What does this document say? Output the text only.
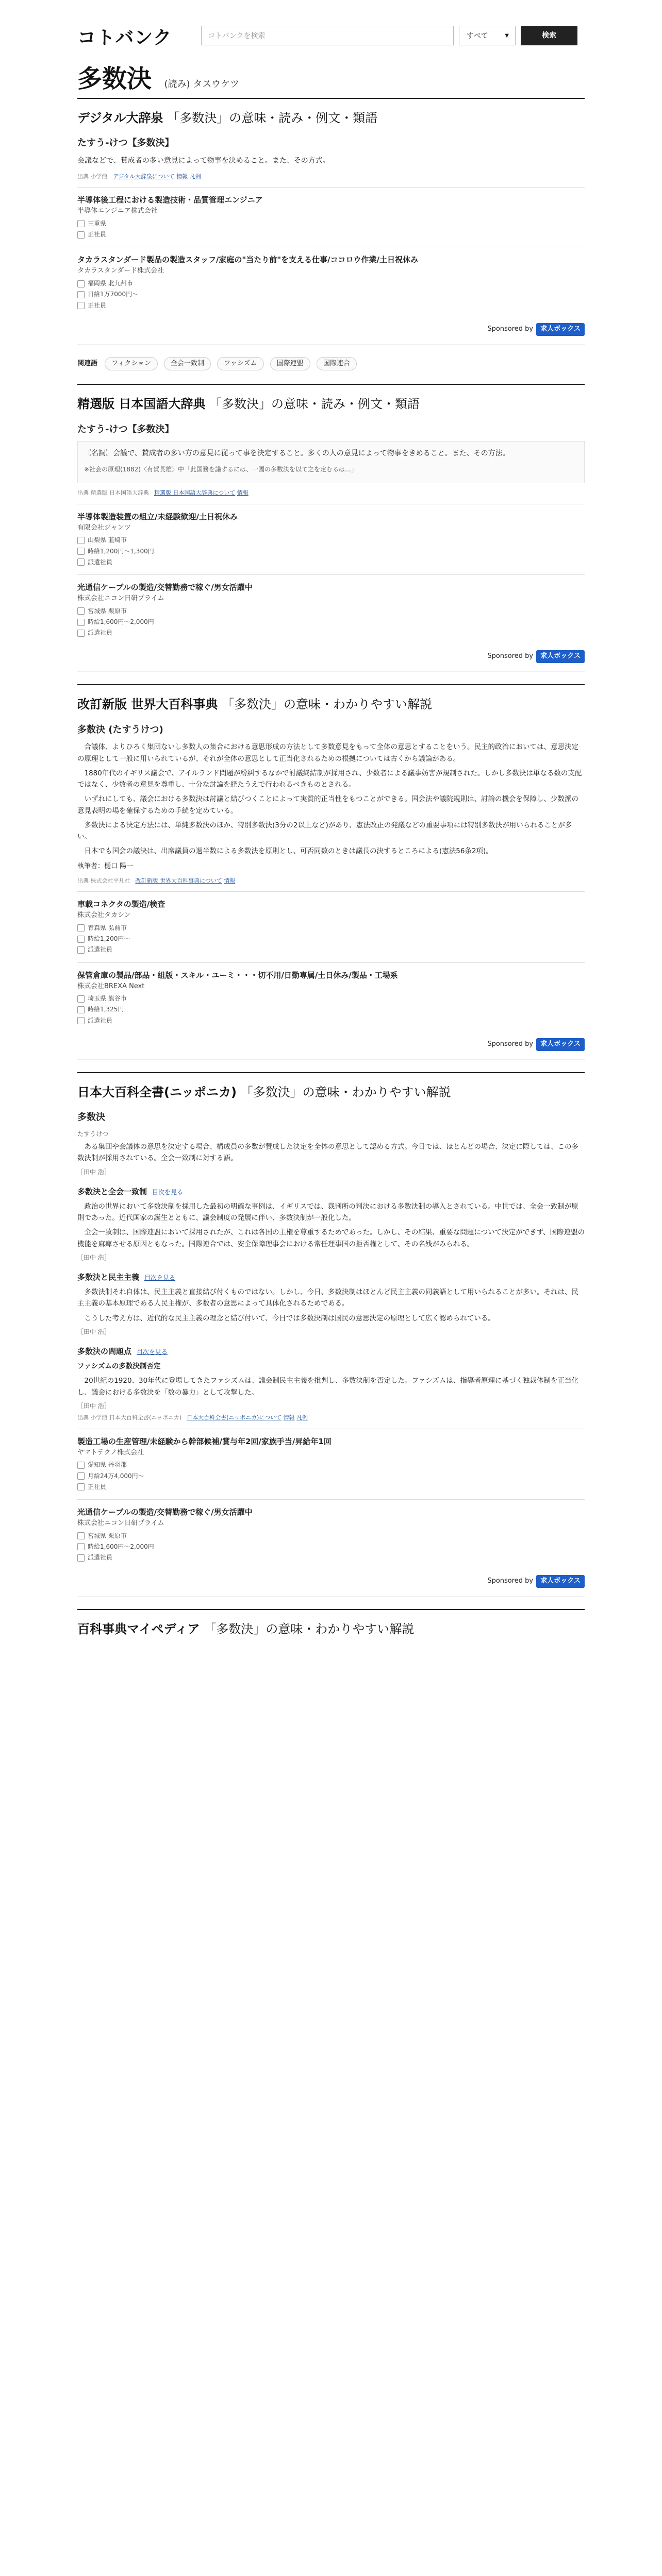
コトバンク	コトバンクを検索	すべて	▼	検索
多数決 (読み) タスウケツ
デジタル大辞泉 「多数決」の意味・読み・例文・類語
たすう‐けつ【多数決】

会議などで、賛成者の多い意見によって物事を決めること。また、その方式。

出典 小学館 デジタル大辞泉について 情報 凡例
半導体後工程における製造技術・品質管理エンジニア
半導体エンジニア株式会社
三重県
正社員
タカラスタンダード製品の製造スタッフ/家庭の"当たり前"を支える仕事/ココロウ作業/土日祝休み
タカラスタンダード株式会社
福岡県 北九州市
日給1万7000円〜
正社員
Sponsored by 求人ボックス
関連語 フィクション	全会一致制	ファシズム	国際連盟	国際連合
精選版 日本国語大辞典 「多数決」の意味・読み・例文・類語
たすう‐けつ【多数決】

〘名詞〙会議で、賛成者の多い方の意見に従って事を決定すること。多くの人の意見によって物事をきめること。また、その方法。

※社会の原理(1882)〈有賀長雄〉中「此国務を議するには、一國の多数決を以て之を定むるは…」

出典 精選版 日本国語大辞典 精選版 日本国語大辞典について 情報
半導体製造装置の組立/未経験歓迎/土日祝休み
有限会社ジャンツ
山梨県 韮崎市
時給1,200円〜1,300円
派遣社員
光通信ケーブルの製造/交替勤務で稼ぐ/男女活躍中
株式会社ニコン日研プライム
宮城県 栗原市
時給1,600円〜2,000円
派遣社員
Sponsored by 求人ボックス
改訂新版 世界大百科事典 「多数決」の意味・わかりやすい解説
多数決 (たすうけつ)

合議体、よりひろく集団ないし多数人の集合における意思形成の方法として多数意見をもって全体の意思とすることをいう。民主的政治においては、意思決定の原理として一般に用いられているが、それが全体の意思として正当化されるための根拠については古くから議論がある。

1880年代のイギリス議会で、アイルランド問題が紛糾するなかで討議終結制が採用され、少数者による議事妨害が規制された。しかし多数決は単なる数の支配ではなく、少数者の意見を尊重し、十分な討論を経たうえで行われるべきものとされる。

いずれにしても、議会における多数決は討議と結びつくことによって実質的正当性をもつことができる。国会法や議院規則は、討論の機会を保障し、少数派の意見表明の場を確保するための手続を定めている。

多数決による決定方法には、単純多数決のほか、特別多数決(3分の2以上など)があり、憲法改正の発議などの重要事項には特別多数決が用いられることが多い。

日本でも国会の議決は、出席議員の過半数による多数決を原則とし、可否同数のときは議長の決するところによる(憲法56条2項)。

執筆者：樋口 陽一
出典 株式会社平凡社 改訂新版 世界大百科事典について 情報
車載コネクタの製造/検査
株式会社タカシン
青森県 弘前市
時給1,200円〜
派遣社員
保管倉庫の製品/部品・組版・スキル・ユーミ・・・切不用/日勤専属/土日休み/製品・工場系
株式会社BREXA Next
埼玉県 熊谷市
時給1,325円
派遣社員
Sponsored by 求人ボックス
日本大百科全書(ニッポニカ) 「多数決」の意味・わかりやすい解説
多数決
たすうけつ

ある集団や会議体の意思を決定する場合、構成員の多数が賛成した決定を全体の意思として認める方式。今日では、ほとんどの場合、決定に際しては、この多数決制が採用されている。全会一致制に対する語。

［田中 浩］
多数決と全会一致制 目次を見る

政治の世界において多数決制を採用した最初の明確な事例は、イギリスでは、裁判所の判決における多数決制の導入とされている。中世では、全会一致制が原則であった。近代国家の誕生とともに、議会制度の発展に伴い、多数決制が一般化した。

全会一致制は、国際連盟において採用されたが、これは各国の主権を尊重するためであった。しかし、その結果、重要な問題について決定ができず、国際連盟の機能を麻痺させる原因ともなった。国際連合では、安全保障理事会における常任理事国の拒否権として、その名残がみられる。

［田中 浩］
多数決と民主主義 目次を見る

多数決制それ自体は、民主主義と直接結び付くものではない。しかし、今日、多数決制はほとんど民主主義の同義語として用いられることが多い。それは、民主主義の基本原理である人民主権が、多数者の意思によって具体化されるためである。

こうした考え方は、近代的な民主主義の理念と結び付いて、今日では多数決制は国民の意思決定の原理として広く認められている。

［田中 浩］
多数決の問題点 目次を見る

ファシズムの多数決制否定

20世紀の1920、30年代に登場してきたファシズムは、議会制民主主義を批判し、多数決制を否定した。ファシズムは、指導者原理に基づく独裁体制を正当化し、議会における多数決を「数の暴力」として攻撃した。

［田中 浩］
出典 小学館 日本大百科全書(ニッポニカ) 日本大百科全書(ニッポニカ)について 情報 凡例
製造工場の生産管理/未経験から幹部候補/賞与年2回/家族手当/昇給年1回
ヤマトテクノ株式会社
愛知県 丹羽郡
月給24万4,000円〜
正社員
光通信ケーブルの製造/交替勤務で稼ぐ/男女活躍中
株式会社ニコン日研プライム
宮城県 栗原市
時給1,600円〜2,000円
派遣社員
Sponsored by 求人ボックス
百科事典マイペディア 「多数決」の意味・わかりやすい解説
